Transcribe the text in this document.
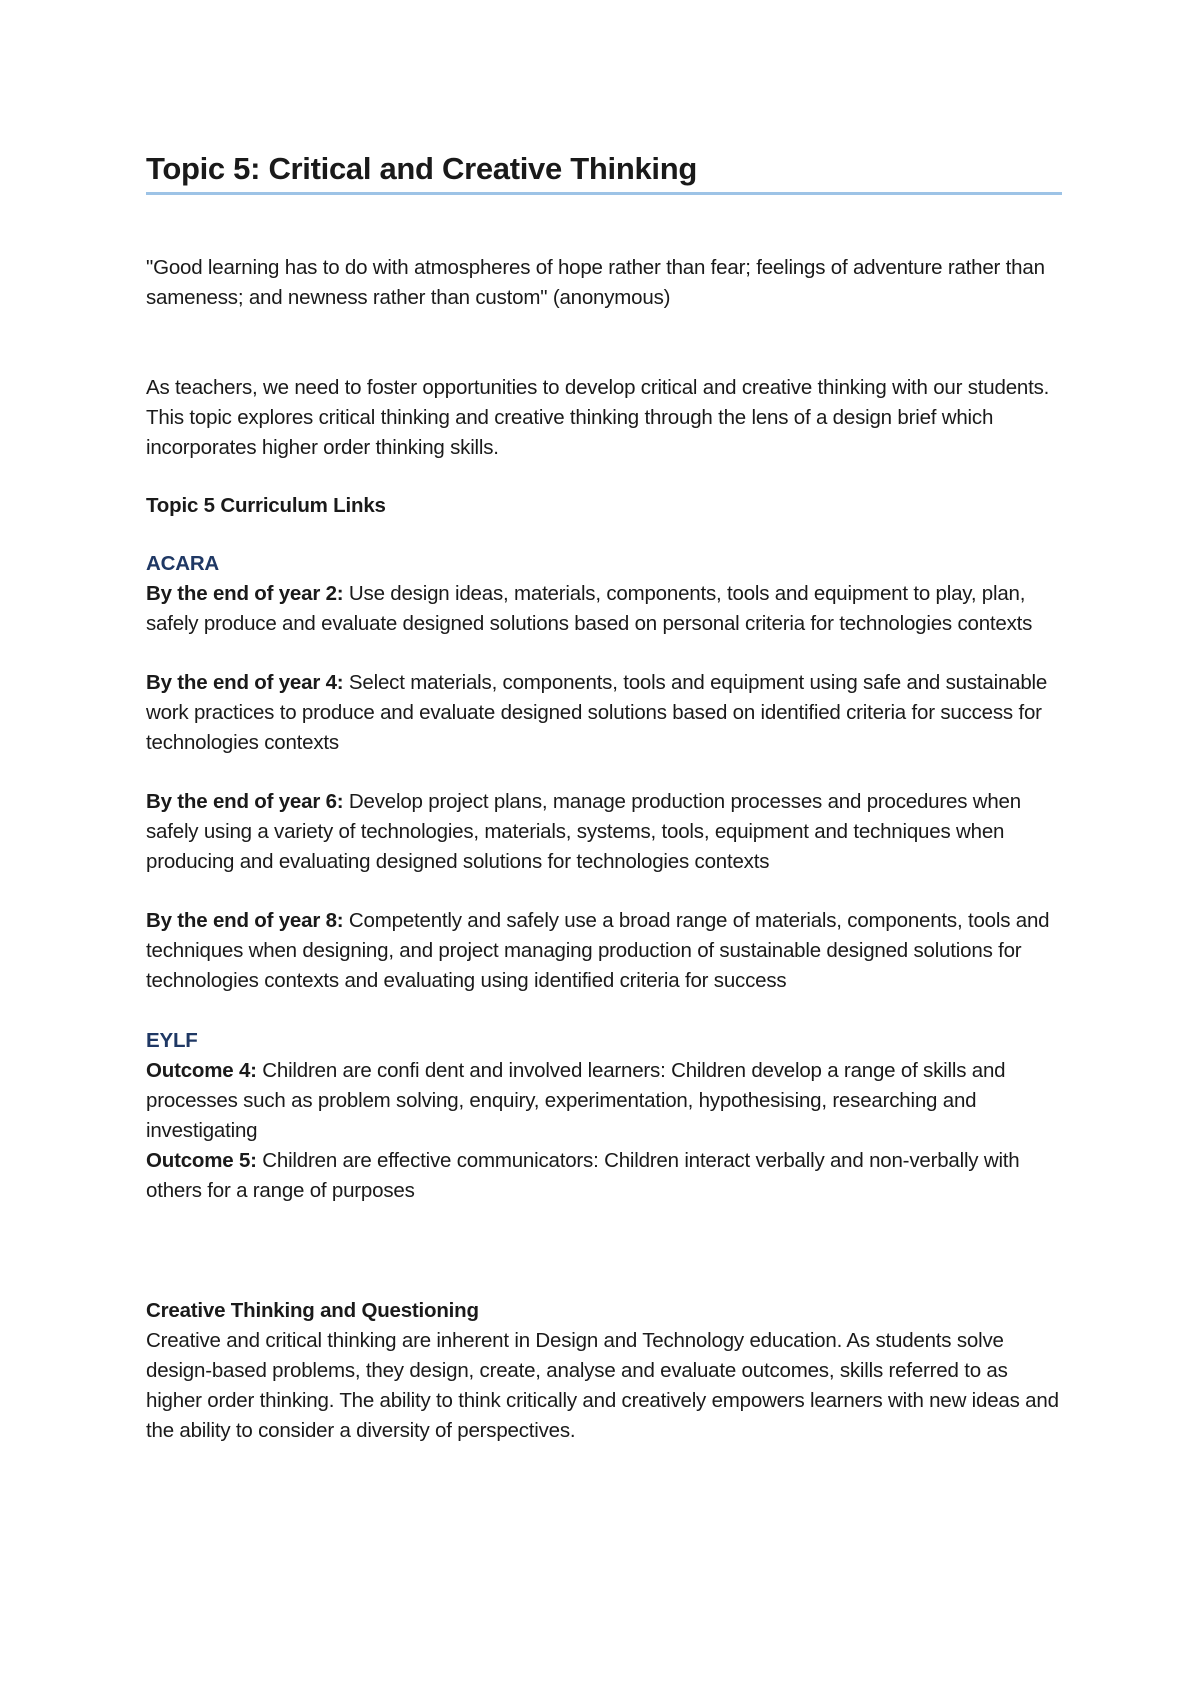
Topic 5: Critical and Creative Thinking

"Good learning has to do with atmospheres of hope rather than fear; feelings of adventure rather than sameness; and newness rather than custom" (anonymous)

As teachers, we need to foster opportunities to develop critical and creative thinking with our students. This topic explores critical thinking and creative thinking through the lens of a design brief which incorporates higher order thinking skills.

Topic 5 Curriculum Links

ACARA

By the end of year 2: Use design ideas, materials, components, tools and equipment to play, plan, safely produce and evaluate designed solutions based on personal criteria for technologies contexts

By the end of year 4: Select materials, components, tools and equipment using safe and sustainable work practices to produce and evaluate designed solutions based on identified criteria for success for technologies contexts

By the end of year 6: Develop project plans, manage production processes and procedures when safely using a variety of technologies, materials, systems, tools, equipment and techniques when producing and evaluating designed solutions for technologies contexts

By the end of year 8: Competently and safely use a broad range of materials, components, tools and techniques when designing, and project managing production of sustainable designed solutions for technologies contexts and evaluating using identified criteria for success

EYLF

Outcome 4: Children are confi dent and involved learners: Children develop a range of skills and processes such as problem solving, enquiry, experimentation, hypothesising, researching and investigating

Outcome 5: Children are effective communicators: Children interact verbally and non-verbally with others for a range of purposes

Creative Thinking and Questioning

Creative and critical thinking are inherent in Design and Technology education. As students solve design-based problems, they design, create, analyse and evaluate outcomes, skills referred to as higher order thinking. The ability to think critically and creatively empowers learners with new ideas and the ability to consider a diversity of perspectives.
